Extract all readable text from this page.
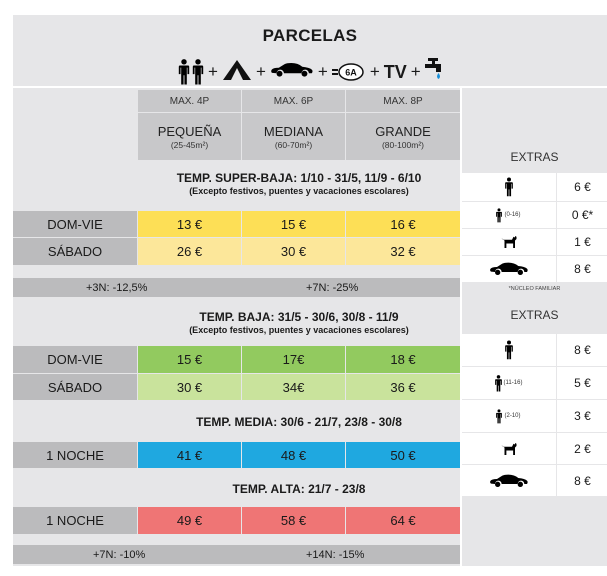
PARCELAS
+ +	+ 6A + TV +
MAX. 4P	MAX. 6P	MAX. 8P
PEQUEÑA
(25-45m²)
MEDIANA
(60-70m²)
GRANDE
(80-100m²)
TEMP. SUPER-BAJA: 1/10 - 31/5, 11/9 - 6/10
(Excepto festivos, puentes y vacaciones escolares)
DOM-VIE	13 €	15 €	16 €
SÁBADO	26 €	30 €	32 €
+3N: -12,5%	+7N: -25%
TEMP. BAJA: 31/5 - 30/6, 30/8 - 11/9
(Excepto festivos, puentes y vacaciones escolares)
DOM-VIE	15 €	17€	18 €
SÁBADO	30 €	34€	36 €
TEMP. MEDIA: 30/6 - 21/7, 23/8 - 30/8
1 NOCHE	41 €	48 €	50 €
TEMP. ALTA: 21/7 - 23/8
1 NOCHE	49 €	58 €	64 €
+7N: -10%	+14N: -15%
EXTRAS
6 €
(0-16)	0 €*
1 €
8 €
*NÚCLEO FAMILIAR
EXTRAS
8 €
(11-16)	5 €
(2-10)	3 €
2 €
8 €
